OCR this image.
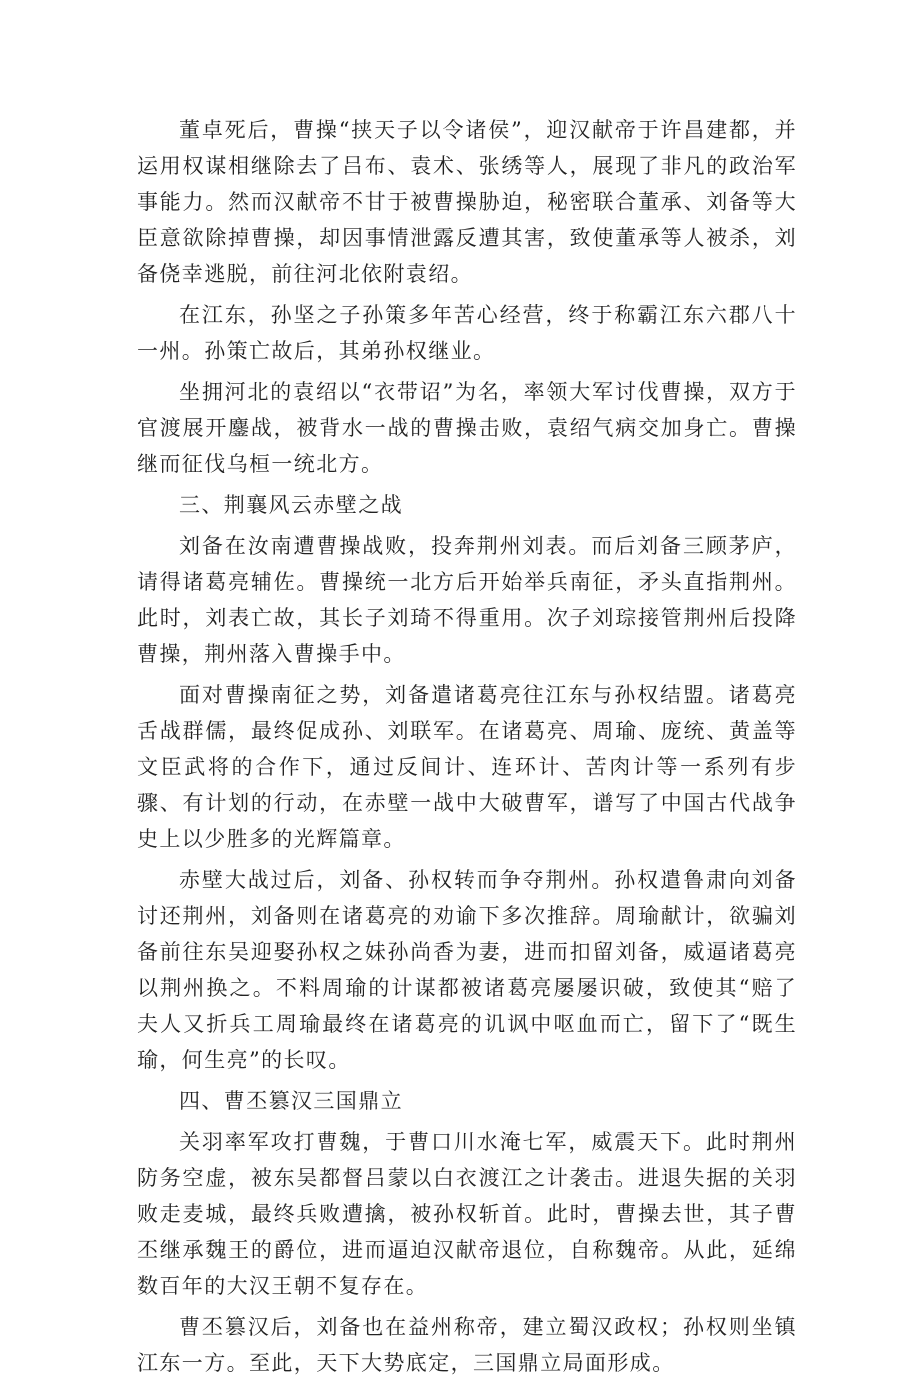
董卓死后，曹操“挟天子以令诸侯”，迎汉献帝于许昌建都，并运用权谋相继除去了吕布、袁术、张绣等人，展现了非凡的政治军事能力。然而汉献帝不甘于被曹操胁迫，秘密联合董承、刘备等大臣意欲除掉曹操，却因事情泄露反遭其害，致使董承等人被杀，刘备侥幸逃脱，前往河北依附袁绍。

在江东，孙坚之子孙策多年苦心经营，终于称霸江东六郡八十一州。孙策亡故后，其弟孙权继业。

坐拥河北的袁绍以“衣带诏”为名，率领大军讨伐曹操，双方于官渡展开鏖战，被背水一战的曹操击败，袁绍气病交加身亡。曹操继而征伐乌桓一统北方。

三、荆襄风云赤壁之战

刘备在汝南遭曹操战败，投奔荆州刘表。而后刘备三顾茅庐，请得诸葛亮辅佐。曹操统一北方后开始举兵南征，矛头直指荆州。此时，刘表亡故，其长子刘琦不得重用。次子刘琮接管荆州后投降曹操，荆州落入曹操手中。

面对曹操南征之势，刘备遣诸葛亮往江东与孙权结盟。诸葛亮舌战群儒，最终促成孙、刘联军。在诸葛亮、周瑜、庞统、黄盖等文臣武将的合作下，通过反间计、连环计、苦肉计等一系列有步骤、有计划的行动，在赤壁一战中大破曹军，谱写了中国古代战争史上以少胜多的光辉篇章。

赤壁大战过后，刘备、孙权转而争夺荆州。孙权遣鲁肃向刘备讨还荆州，刘备则在诸葛亮的劝谕下多次推辞。周瑜献计，欲骗刘备前往东吴迎娶孙权之妹孙尚香为妻，进而扣留刘备，威逼诸葛亮以荆州换之。不料周瑜的计谋都被诸葛亮屡屡识破，致使其“赔了夫人又折兵工周瑜最终在诸葛亮的讥讽中呕血而亡，留下了“既生瑜，何生亮”的长叹。

四、曹丕篡汉三国鼎立

关羽率军攻打曹魏，于曹口川水淹七军，威震天下。此时荆州防务空虚，被东吴都督吕蒙以白衣渡江之计袭击。进退失据的关羽败走麦城，最终兵败遭擒，被孙权斩首。此时，曹操去世，其子曹丕继承魏王的爵位，进而逼迫汉献帝退位，自称魏帝。从此，延绵数百年的大汉王朝不复存在。

曹丕篡汉后，刘备也在益州称帝，建立蜀汉政权；孙权则坐镇江东一方。至此，天下大势底定，三国鼎立局面形成。
